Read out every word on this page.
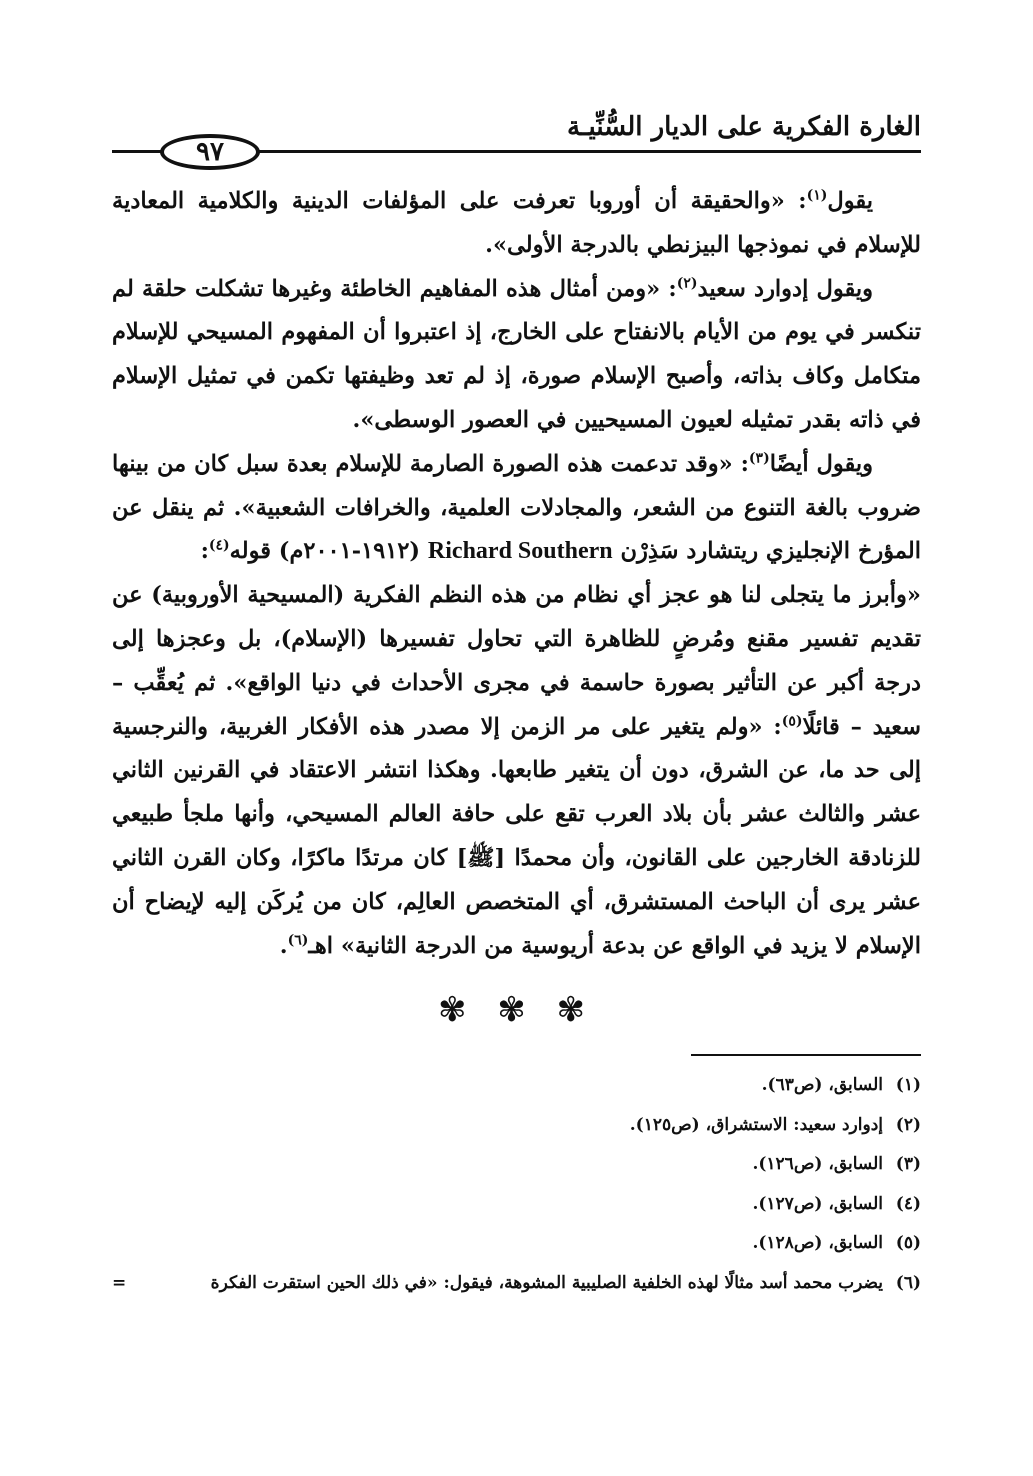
الغارة الفكرية على الديار السُّنِّيـة
٩٧

يقول$^{(١)}$: «والحقيقة أن أوروبا تعرفت على المؤلفات الدينية والكلامية المعادية للإسلام في نموذجها البيزنطي بالدرجة الأولى».

ويقول إدوارد سعيد$^{(٢)}$: «ومن أمثال هذه المفاهيم الخاطئة وغيرها تشكلت حلقة لم تنكسر في يوم من الأيام بالانفتاح على الخارج، إذ اعتبروا أن المفهوم المسيحي للإسلام متكامل وكاف بذاته، وأصبح الإسلام صورة، إذ لم تعد وظيفتها تكمن في تمثيل الإسلام في ذاته بقدر تمثيله لعيون المسيحيين في العصور الوسطى».

ويقول أيضًا$^{(٣)}$: «وقد تدعمت هذه الصورة الصارمة للإسلام بعدة سبل كان من بينها ضروب بالغة التنوع من الشعر، والمجادلات العلمية، والخرافات الشعبية». ثم ينقل عن المؤرخ الإنجليزي ريتشارد سَذِرْن Richard Southern (١٩١٢-٢٠٠١م) قوله$^{(٤)}$:

«وأبرز ما يتجلى لنا هو عجز أي نظام من هذه النظم الفكرية (المسيحية الأوروبية) عن تقديم تفسير مقنع ومُرضٍ للظاهرة التي تحاول تفسيرها (الإسلام)، بل وعجزها إلى درجة أكبر عن التأثير بصورة حاسمة في مجرى الأحداث في دنيا الواقع». ثم يُعقِّب – سعيد – قائلًا$^{(٥)}$: «ولم يتغير على مر الزمن إلا مصدر هذه الأفكار الغربية، والنرجسية إلى حد ما، عن الشرق، دون أن يتغير طابعها. وهكذا انتشر الاعتقاد في القرنين الثاني عشر والثالث عشر بأن بلاد العرب تقع على حافة العالم المسيحي، وأنها ملجأ طبيعي للزنادقة الخارجين على القانون، وأن محمدًا [ﷺ] كان مرتدًا ماكرًا، وكان القرن الثاني عشر يرى أن الباحث المستشرق، أي المتخصص العالِم، كان من يُركَن إليه لإيضاح أن الإسلام لا يزيد في الواقع عن بدعة أريوسية من الدرجة الثانية» اهـ$^{(٦)}$.

✾ ✾ ✾
(١)السابق، (ص٦٣).
(٢)إدوارد سعيد: الاستشراق، (ص١٢٥).
(٣)السابق، (ص١٢٦).
(٤)السابق، (ص١٢٧).
(٥)السابق، (ص١٢٨).
(٦)يضرب محمد أسد مثالًا لهذه الخلفية الصليبية المشوهة، فيقول: «في ذلك الحين استقرت الفكرة
=
